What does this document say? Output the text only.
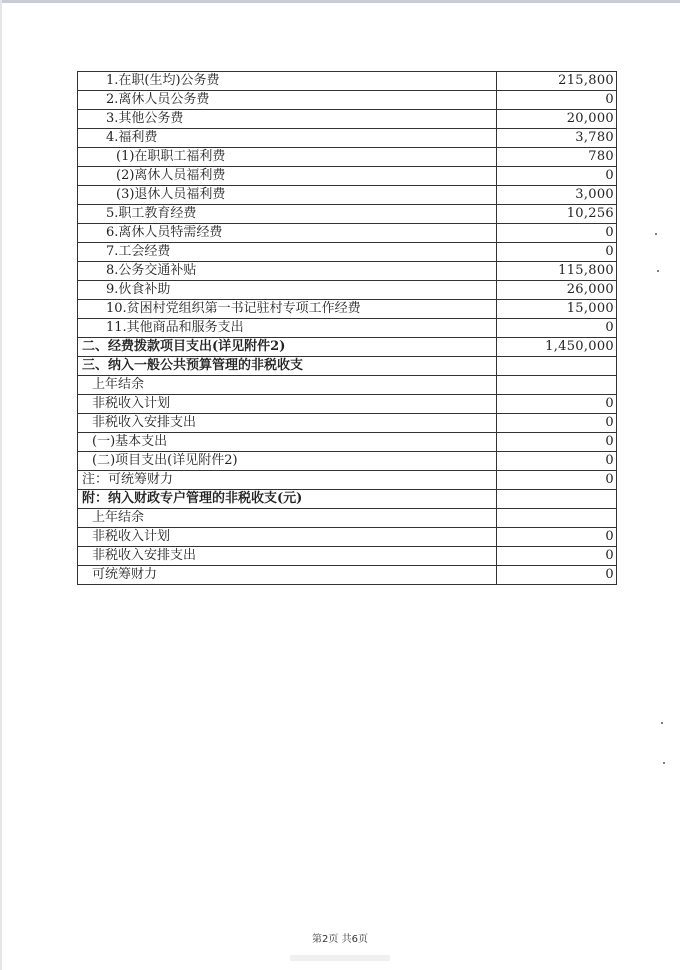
1.在职(生均)公务费	215,800
2.离休人员公务费	0
3.其他公务费	20,000
4.福利费	3,780
(1)在职职工福利费	780
(2)离休人员福利费	0
(3)退休人员福利费	3,000
5.职工教育经费	10,256
6.离休人员特需经费	0
7.工会经费	0
8.公务交通补贴	115,800
9.伙食补助	26,000
10.贫困村党组织第一书记驻村专项工作经费	15,000
11.其他商品和服务支出	0
二、经费拨款项目支出(详见附件2)	1,450,000
三、纳入一般公共预算管理的非税收支	
上年结余	
非税收入计划	0
非税收入安排支出	0
(一)基本支出	0
(二)项目支出(详见附件2)	0
注：可统筹财力	0
附：纳入财政专户管理的非税收支(元)	
上年结余	
非税收入计划	0
非税收入安排支出	0
可统筹财力	0
第2页 共6页
